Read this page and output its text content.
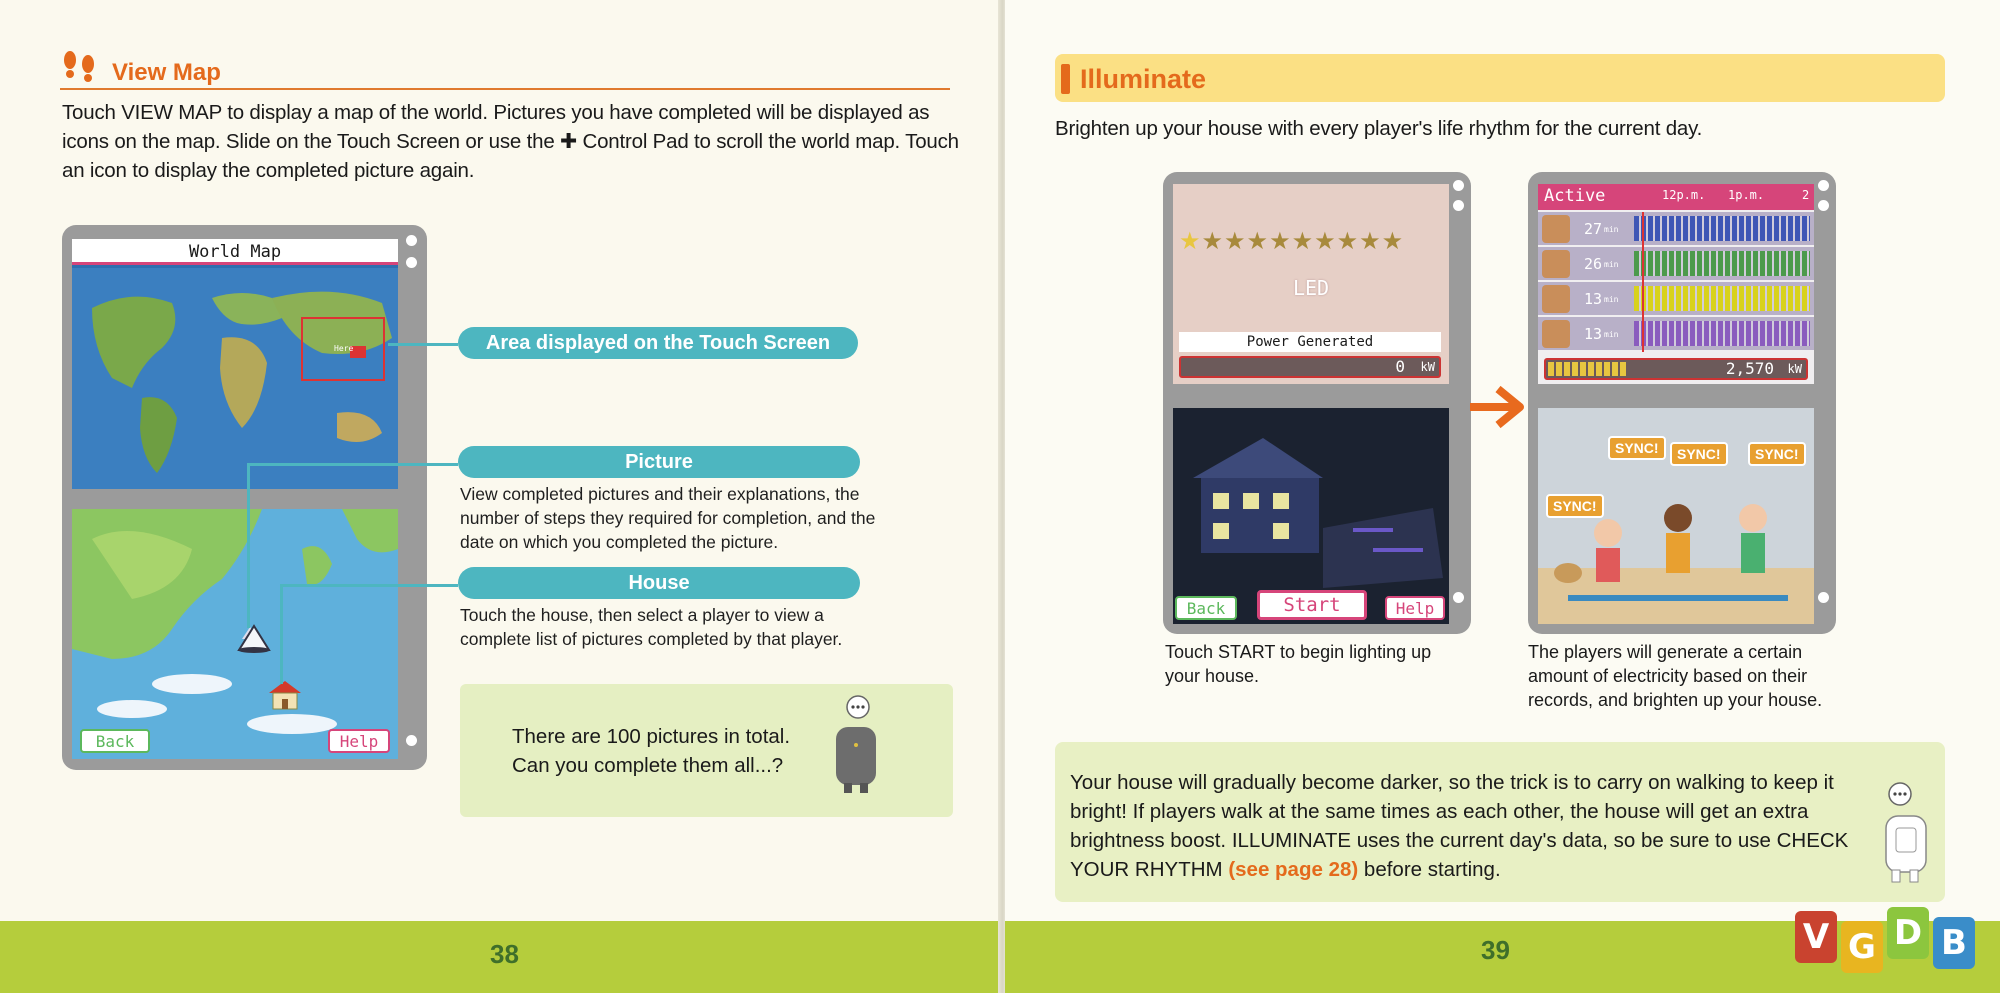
View Map
Touch VIEW MAP to display a map of the world. Pictures you have completed will be displayed as icons on the map. Slide on the Touch Screen or use the ✚ Control Pad to scroll the world map. Touch an icon to display the completed picture again.
World Map
Here
Back	Help
Area displayed on the Touch Screen
Picture
View completed pictures and their explanations, the number of steps they required for completion, and the date on which you completed the picture.
House
Touch the house, then select a player to view a complete list of pictures completed by that player.
There are 100 pictures in total. Can you complete them all...?
38	39
Illuminate
Brighten up your house with every player's life rhythm for the current day.
★★★★★★★★★★
LED
Power Generated
0 kW
Back	Start	Help
Touch START to begin lighting up your house.
Active	12p.m. 1p.m.	2
27 min
26 min
13 min
13 min
2,570 kW
SYNC!	SYNC!	SYNC!
SYNC!
The players will generate a certain amount of electricity based on their records, and brighten up your house.
Your house will gradually become darker, so the trick is to carry on walking to keep it bright! If players walk at the same times as each other, the house will get an extra brightness boost. ILLUMINATE uses the current day's data, so be sure to use CHECK YOUR RHYTHM (see page 28) before starting.
V G D B
